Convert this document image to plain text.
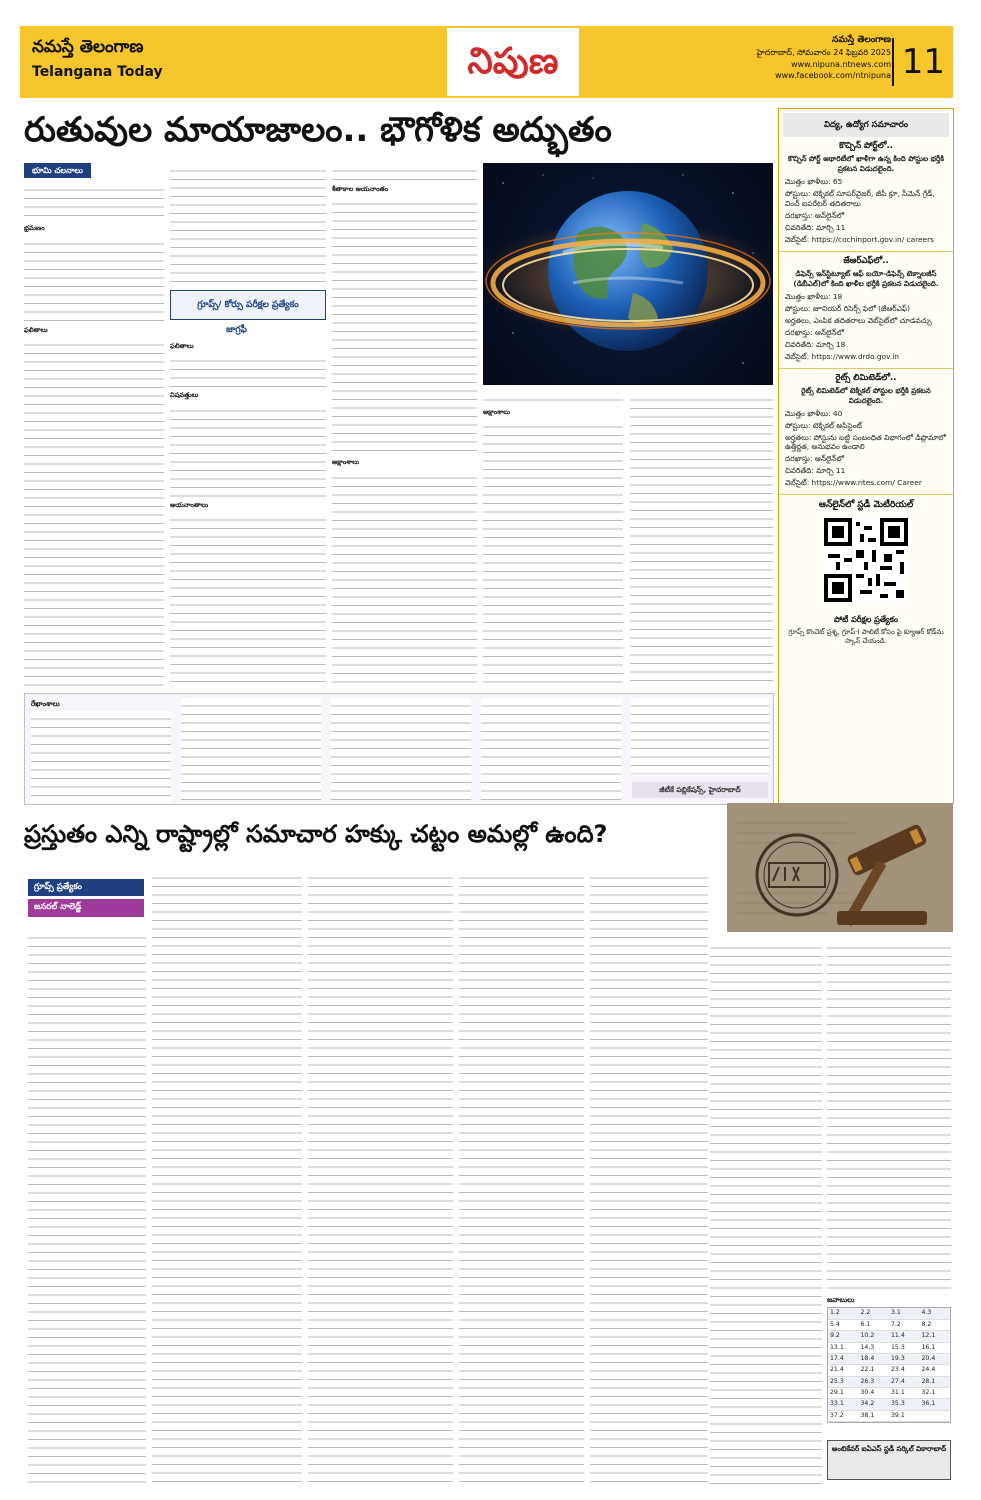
నమస్తే తెలంగాణ
Telangana Today	నిపుణ
నమస్తే తెలంగాణ
హైదరాబాద్, సోమవారం 24 ఫిబ్రవరి 2025
www.nipuna.ntnews.com
www.facebook.com/ntnipuna 11
రుతువుల మాయాజాలం.. భౌగోళిక అద్భుతం
భూమి చలనాలు
భ్రమణం
ఫలితాలు
గ్రూప్స్/ కోర్సు పరీక్షల ప్రత్యేకం
జాగ్రఫీ
ఫలితాలు
విషవత్తులు
అయనాంతాలు
శీతాకాల అయనాంతం
అక్షాంశాలు
అక్షాంశాలు
రేఖాంశాలు
జీటీకే పబ్లికేషన్స్, హైదరాబాద్
విద్య, ఉద్యోగ సమాచారం
కొచ్చిన్ పోర్ట్‌లో..
కొచ్చిన్ పోర్ట్ అథారిటీలో ఖాళీగా ఉన్న కింది పోస్టుల భర్తీకి ప్రకటన విడుదలైంది.
మొత్తం ఖాళీలు: 65
పోస్టులు: టెక్నికల్ సూపర్‌వైజర్, జీపీ క్రూ, సీమెన్ గ్రేడ్, వించ్ ఐపరేటర్ తదితరాలు
దరఖాస్తు: ఆన్‌లైన్‌లో
చివరితేది: మార్చి 11
వెబ్‌సైట్: https://cochinport.gov.in/ careers
జేఆర్ఎఫ్‌లో..
డిఫెన్స్ ఇన్‌స్టిట్యూట్ ఆఫ్ బయో-డిఫెన్స్ టెక్నాలజీస్ (డిబీఎల్)లో కింది ఖాళీల భర్తీకి ప్రకటన విడుదలైంది.
మొత్తం ఖాళీలు: 18
పోస్టులు: జూనియర్ రిసెర్చ్ ఫెలో (జేఆర్ఎఫ్)
అర్హతలు, ఎంపిక తదితరాలు వెబ్‌సైట్‌లో చూడవచ్చు
దరఖాస్తు: ఆన్‌లైన్‌లో
చివరితేది: మార్చి 18
వెబ్‌సైట్: https://www.drdo.gov.in
రైట్స్ లిమిటెడ్‌లో..
రైట్స్ లిమిటెడ్‌లో టెక్నికల్ పోస్టుల భర్తీకి ప్రకటన విడుదలైంది.
మొత్తం ఖాళీలు: 40
పోస్టులు: టెక్నికల్ అసిస్టెంట్
అర్హతలు: పోస్టును బట్టి సంబంధిత విభాగంలో డిప్లొమాలో ఉత్తీర్ణత, అనుభవం ఉండాలి
దరఖాస్తు: ఆన్‌లైన్‌లో
చివరితేది: మార్చి 11
వెబ్‌సైట్: https://www.rites.com/ Career
ఆన్‌లైన్‌లో స్టడీ మెటీరియల్
పోటీ పరీక్షల ప్రత్యేకం
గ్రూప్స్ కొంచెట్ ప్రశ్న, గ్రూప్-I పాలిటీ కోసం పై క్యూఆర్ కోడ్‌ను స్కాన్ చేయండి.
ప్రస్తుతం ఎన్ని రాష్ట్రాల్లో సమాచార హక్కు చట్టం అమల్లో ఉంది?
గ్రూప్స్ ప్రత్యేకం
జనరల్ నాలెడ్జ్
జవాబులు
1.2	2.2	3.1	4.3
5.4	6.1	7.2	8.2
9.2	10.2	11.4	12.1
13.1	14.3	15.3	16.1
17.4	18.4	19.3	20.4
21.4	22.1	23.4	24.4
25.3	26.3	27.4	28.1
29.1	30.4	31.1	32.1
33.1	34.2	35.3	36.1
37.2	38.1	39.1
అంబికేవర్ ఐఏఎస్ స్టడీ సర్కిల్ వికారాబాద్
